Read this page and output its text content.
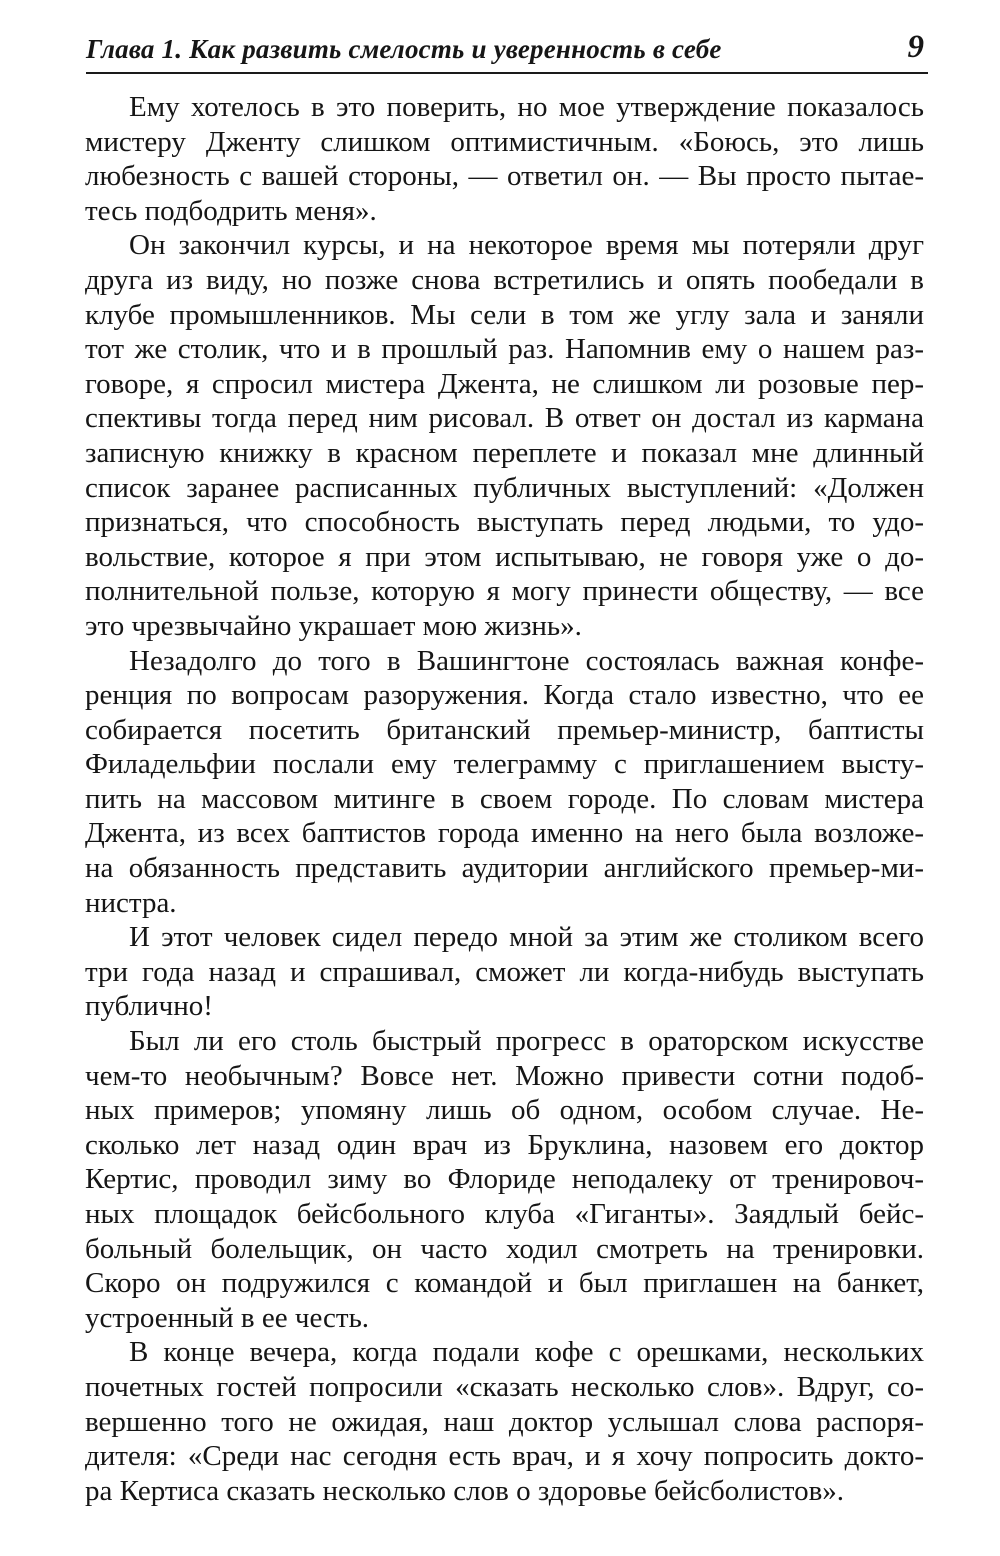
Глава 1. Как развить смелость и уверенность в себе	9
Ему хотелось в это поверить, но мое утверждение показалось
мистеру Дженту слишком оптимистичным. «Боюсь, это лишь
любезность с вашей стороны, — ответил он. — Вы просто пытае-
тесь подбодрить меня».
Он закончил курсы, и на некоторое время мы потеряли друг
друга из виду, но позже снова встретились и опять пообедали в
клубе промышленников. Мы сели в том же углу зала и заняли
тот же столик, что и в прошлый раз. Напомнив ему о нашем раз-
говоре, я спросил мистера Джента, не слишком ли розовые пер-
спективы тогда перед ним рисовал. В ответ он достал из кармана
записную книжку в красном переплете и показал мне длинный
список заранее расписанных публичных выступлений: «Должен
признаться, что способность выступать перед людьми, то удо-
вольствие, которое я при этом испытываю, не говоря уже о до-
полнительной пользе, которую я могу принести обществу, — все
это чрезвычайно украшает мою жизнь».
Незадолго до того в Вашингтоне состоялась важная конфе-
ренция по вопросам разоружения. Когда стало известно, что ее
собирается посетить британский премьер-министр, баптисты
Филадельфии послали ему телеграмму с приглашением высту-
пить на массовом митинге в своем городе. По словам мистера
Джента, из всех баптистов города именно на него была возложе-
на обязанность представить аудитории английского премьер-ми-
нистра.
И этот человек сидел передо мной за этим же столиком всего
три года назад и спрашивал, сможет ли когда-нибудь выступать
публично!
Был ли его столь быстрый прогресс в ораторском искусстве
чем-то необычным? Вовсе нет. Можно привести сотни подоб-
ных примеров; упомяну лишь об одном, особом случае. Не-
сколько лет назад один врач из Бруклина, назовем его доктор
Кертис, проводил зиму во Флориде неподалеку от тренировоч-
ных площадок бейсбольного клуба «Гиганты». Заядлый бейс-
больный болельщик, он часто ходил смотреть на тренировки.
Скоро он подружился с командой и был приглашен на банкет,
устроенный в ее честь.
В конце вечера, когда подали кофе с орешками, нескольких
почетных гостей попросили «сказать несколько слов». Вдруг, со-
вершенно того не ожидая, наш доктор услышал слова распоря-
дителя: «Среди нас сегодня есть врач, и я хочу попросить докто-
ра Кертиса сказать несколько слов о здоровье бейсболистов».
